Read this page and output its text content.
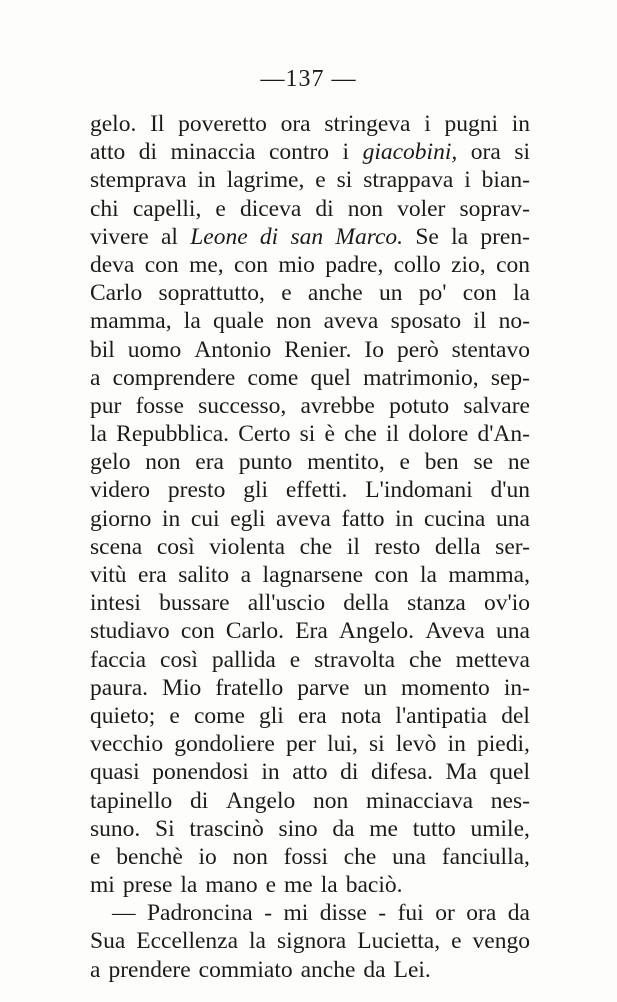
—137 —
gelo. Il poveretto ora stringeva i pugni in
atto di minaccia contro i giacobini, ora si
stemprava in lagrime, e si strappava i bian-
chi capelli, e diceva di non voler soprav-
vivere al Leone di san Marco. Se la pren-
deva con me, con mio padre, collo zio, con
Carlo soprattutto, e anche un po' con la
mamma, la quale non aveva sposato il no-
bil uomo Antonio Renier. Io però stentavo
a comprendere come quel matrimonio, sep-
pur fosse successo, avrebbe potuto salvare
la Repubblica. Certo si è che il dolore d'An-
gelo non era punto mentito, e ben se ne
videro presto gli effetti. L'indomani d'un
giorno in cui egli aveva fatto in cucina una
scena così violenta che il resto della ser-
vitù era salito a lagnarsene con la mamma,
intesi bussare all'uscio della stanza ov'io
studiavo con Carlo. Era Angelo. Aveva una
faccia così pallida e stravolta che metteva
paura. Mio fratello parve un momento in-
quieto; e come gli era nota l'antipatia del
vecchio gondoliere per lui, si levò in piedi,
quasi ponendosi in atto di difesa. Ma quel
tapinello di Angelo non minacciava nes-
suno. Si trascinò sino da me tutto umile,
e benchè io non fossi che una fanciulla,
mi prese la mano e me la baciò.
— Padroncina - mi disse - fui or ora da
Sua Eccellenza la signora Lucietta, e vengo
a prendere commiato anche da Lei.
